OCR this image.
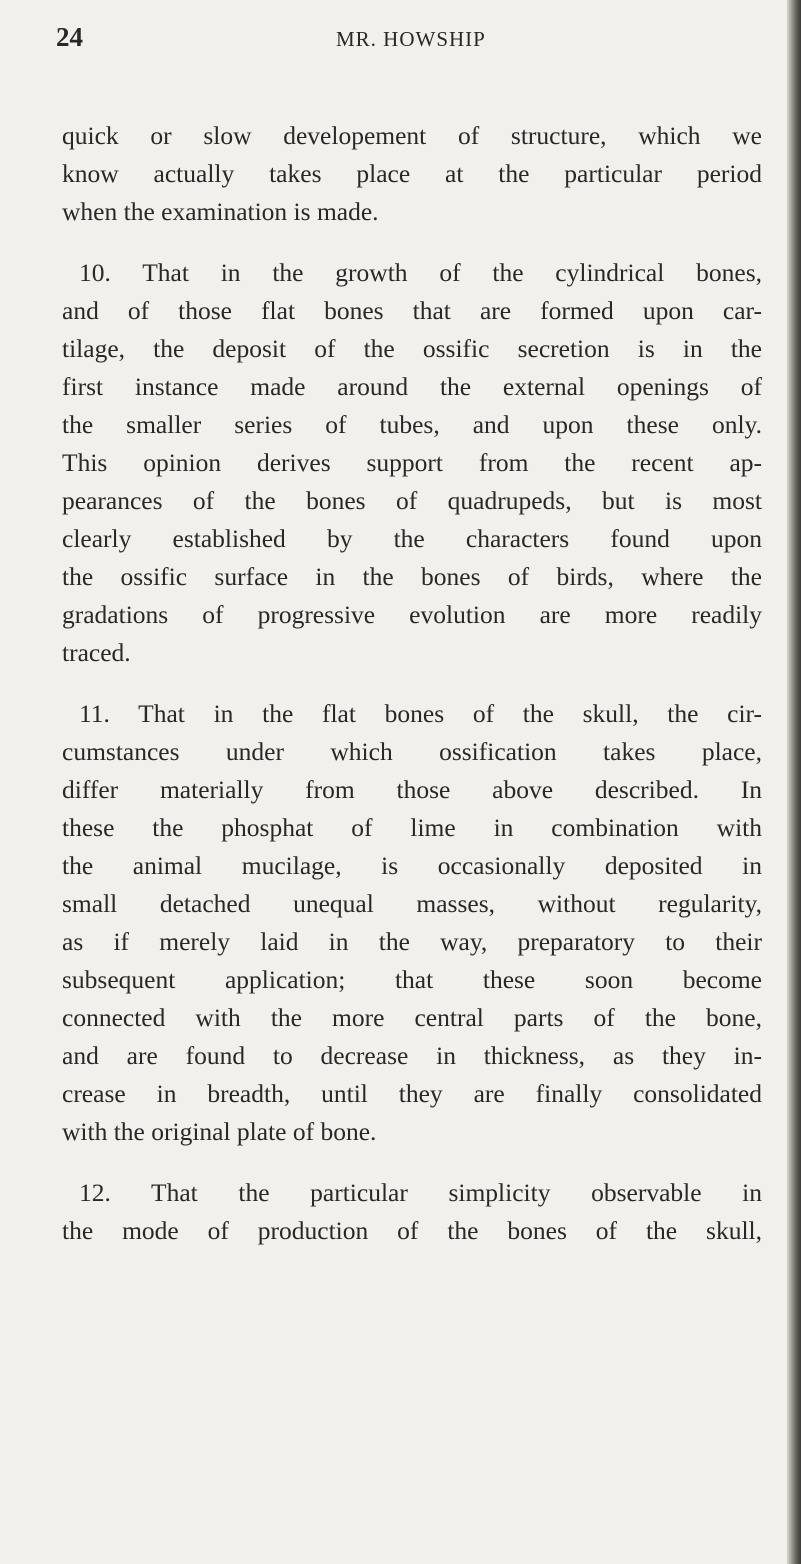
24	MR. HOWSHIP
quick or slow developement of structure, which we
know actually takes place at the particular period
when the examination is made.
10. That in the growth of the cylindrical bones,
and of those flat bones that are formed upon car-
tilage, the deposit of the ossific secretion is in the
first instance made around the external openings of
the smaller series of tubes, and upon these only.
This opinion derives support from the recent ap-
pearances of the bones of quadrupeds, but is most
clearly established by the characters found upon
the ossific surface in the bones of birds, where the
gradations of progressive evolution are more readily
traced.
11. That in the flat bones of the skull, the cir-
cumstances under which ossification takes place,
differ materially from those above described. In
these the phosphat of lime in combination with
the animal mucilage, is occasionally deposited in
small detached unequal masses, without regularity,
as if merely laid in the way, preparatory to their
subsequent application; that these soon become
connected with the more central parts of the bone,
and are found to decrease in thickness, as they in-
crease in breadth, until they are finally consolidated
with the original plate of bone.
12. That the particular simplicity observable in
the mode of production of the bones of the skull,
